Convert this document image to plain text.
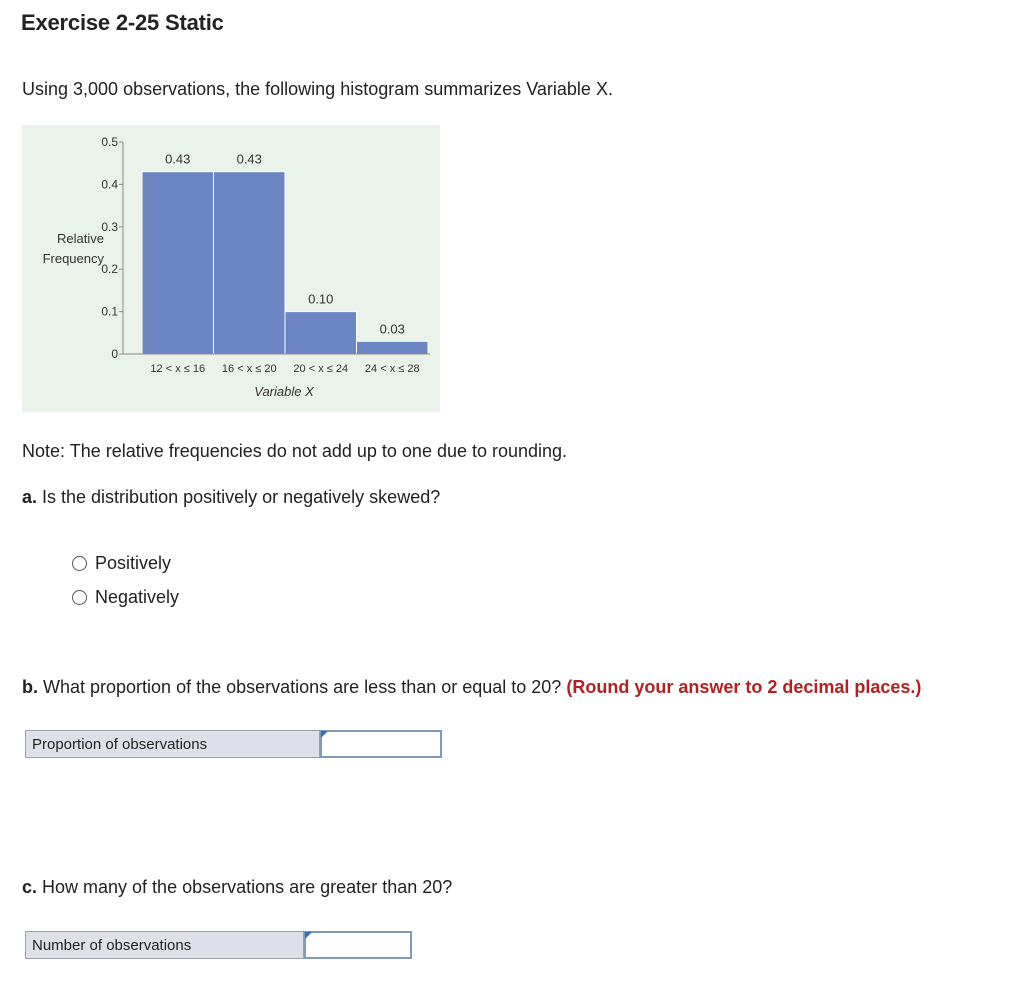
Exercise 2-25 Static
Using 3,000 observations, the following histogram summarizes Variable X.
Relative
Frequency
Variable X
0
0.1
0.2
0.3
0.4
0.5
0.43
12 < x ≤ 16
0.43
16 < x ≤ 20
0.10
20 < x ≤ 24
0.03
24 < x ≤ 28
Note: The relative frequencies do not add up to one due to rounding.
a. Is the distribution positively or negatively skewed?
Positively
Negatively
b. What proportion of the observations are less than or equal to 20? (Round your answer to 2 decimal places.)
Proportion of observations
c. How many of the observations are greater than 20?
Number of observations
